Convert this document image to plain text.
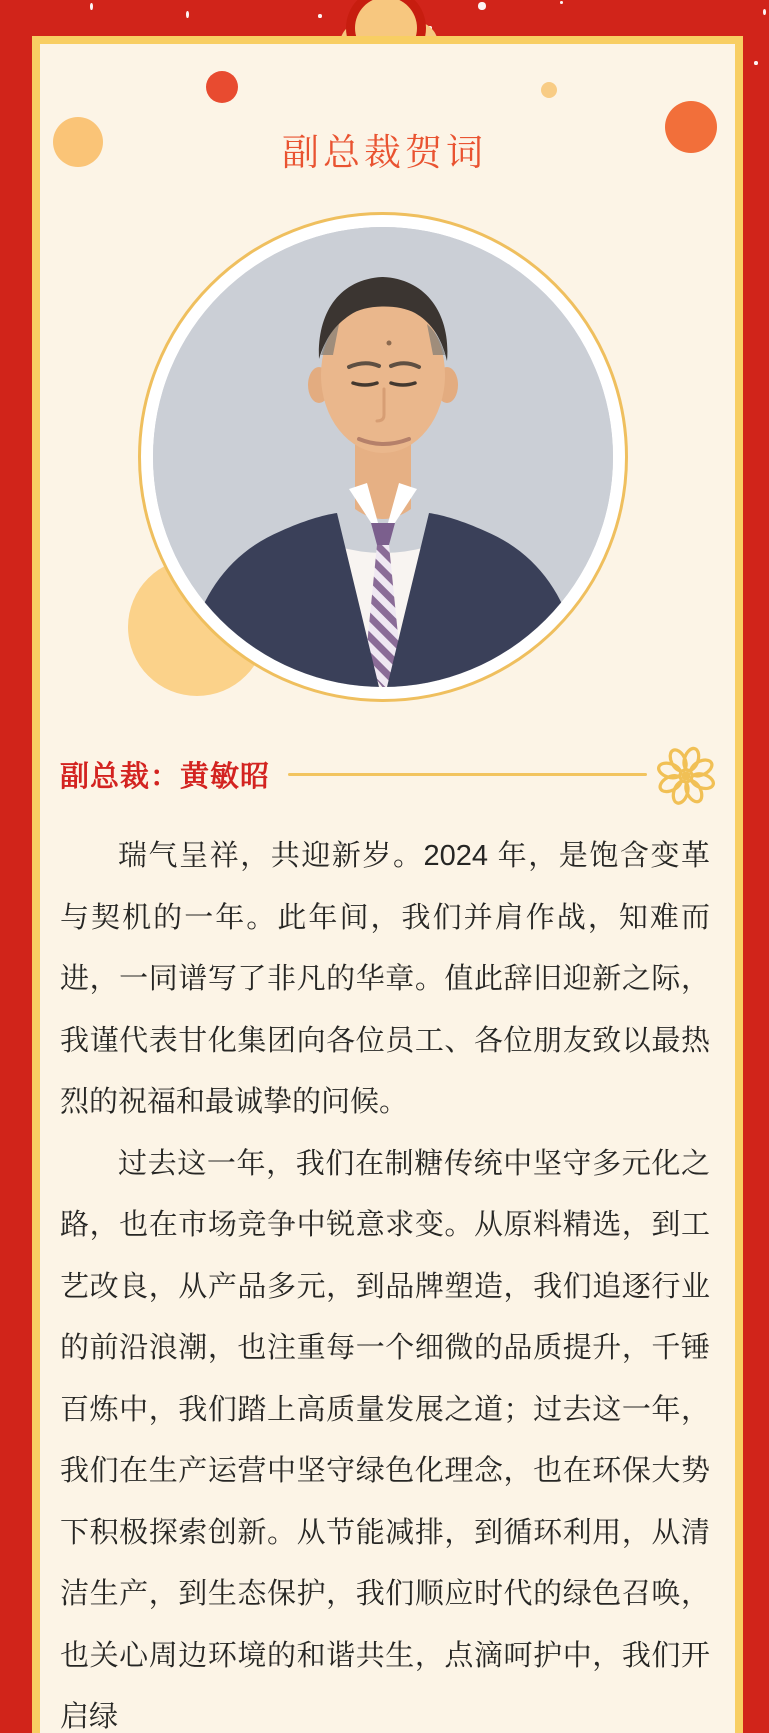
副总裁贺词
副总裁：黄敏昭

瑞气呈祥，共迎新岁。2024 年，是饱含变革与契机的一年。此年间，我们并肩作战，知难而进，一同谱写了非凡的华章。值此辞旧迎新之际，我谨代表甘化集团向各位员工、各位朋友致以最热烈的祝福和最诚挚的问候。

过去这一年，我们在制糖传统中坚守多元化之路，也在市场竞争中锐意求变。从原料精选，到工艺改良，从产品多元，到品牌塑造，我们追逐行业的前沿浪潮，也注重每一个细微的品质提升，千锤百炼中，我们踏上高质量发展之道；过去这一年，我们在生产运营中坚守绿色化理念，也在环保大势下积极探索创新。从节能减排，到循环利用，从清洁生产，到生态保护，我们顺应时代的绿色召唤，也关心周边环境的和谐共生，点滴呵护中，我们开启绿
